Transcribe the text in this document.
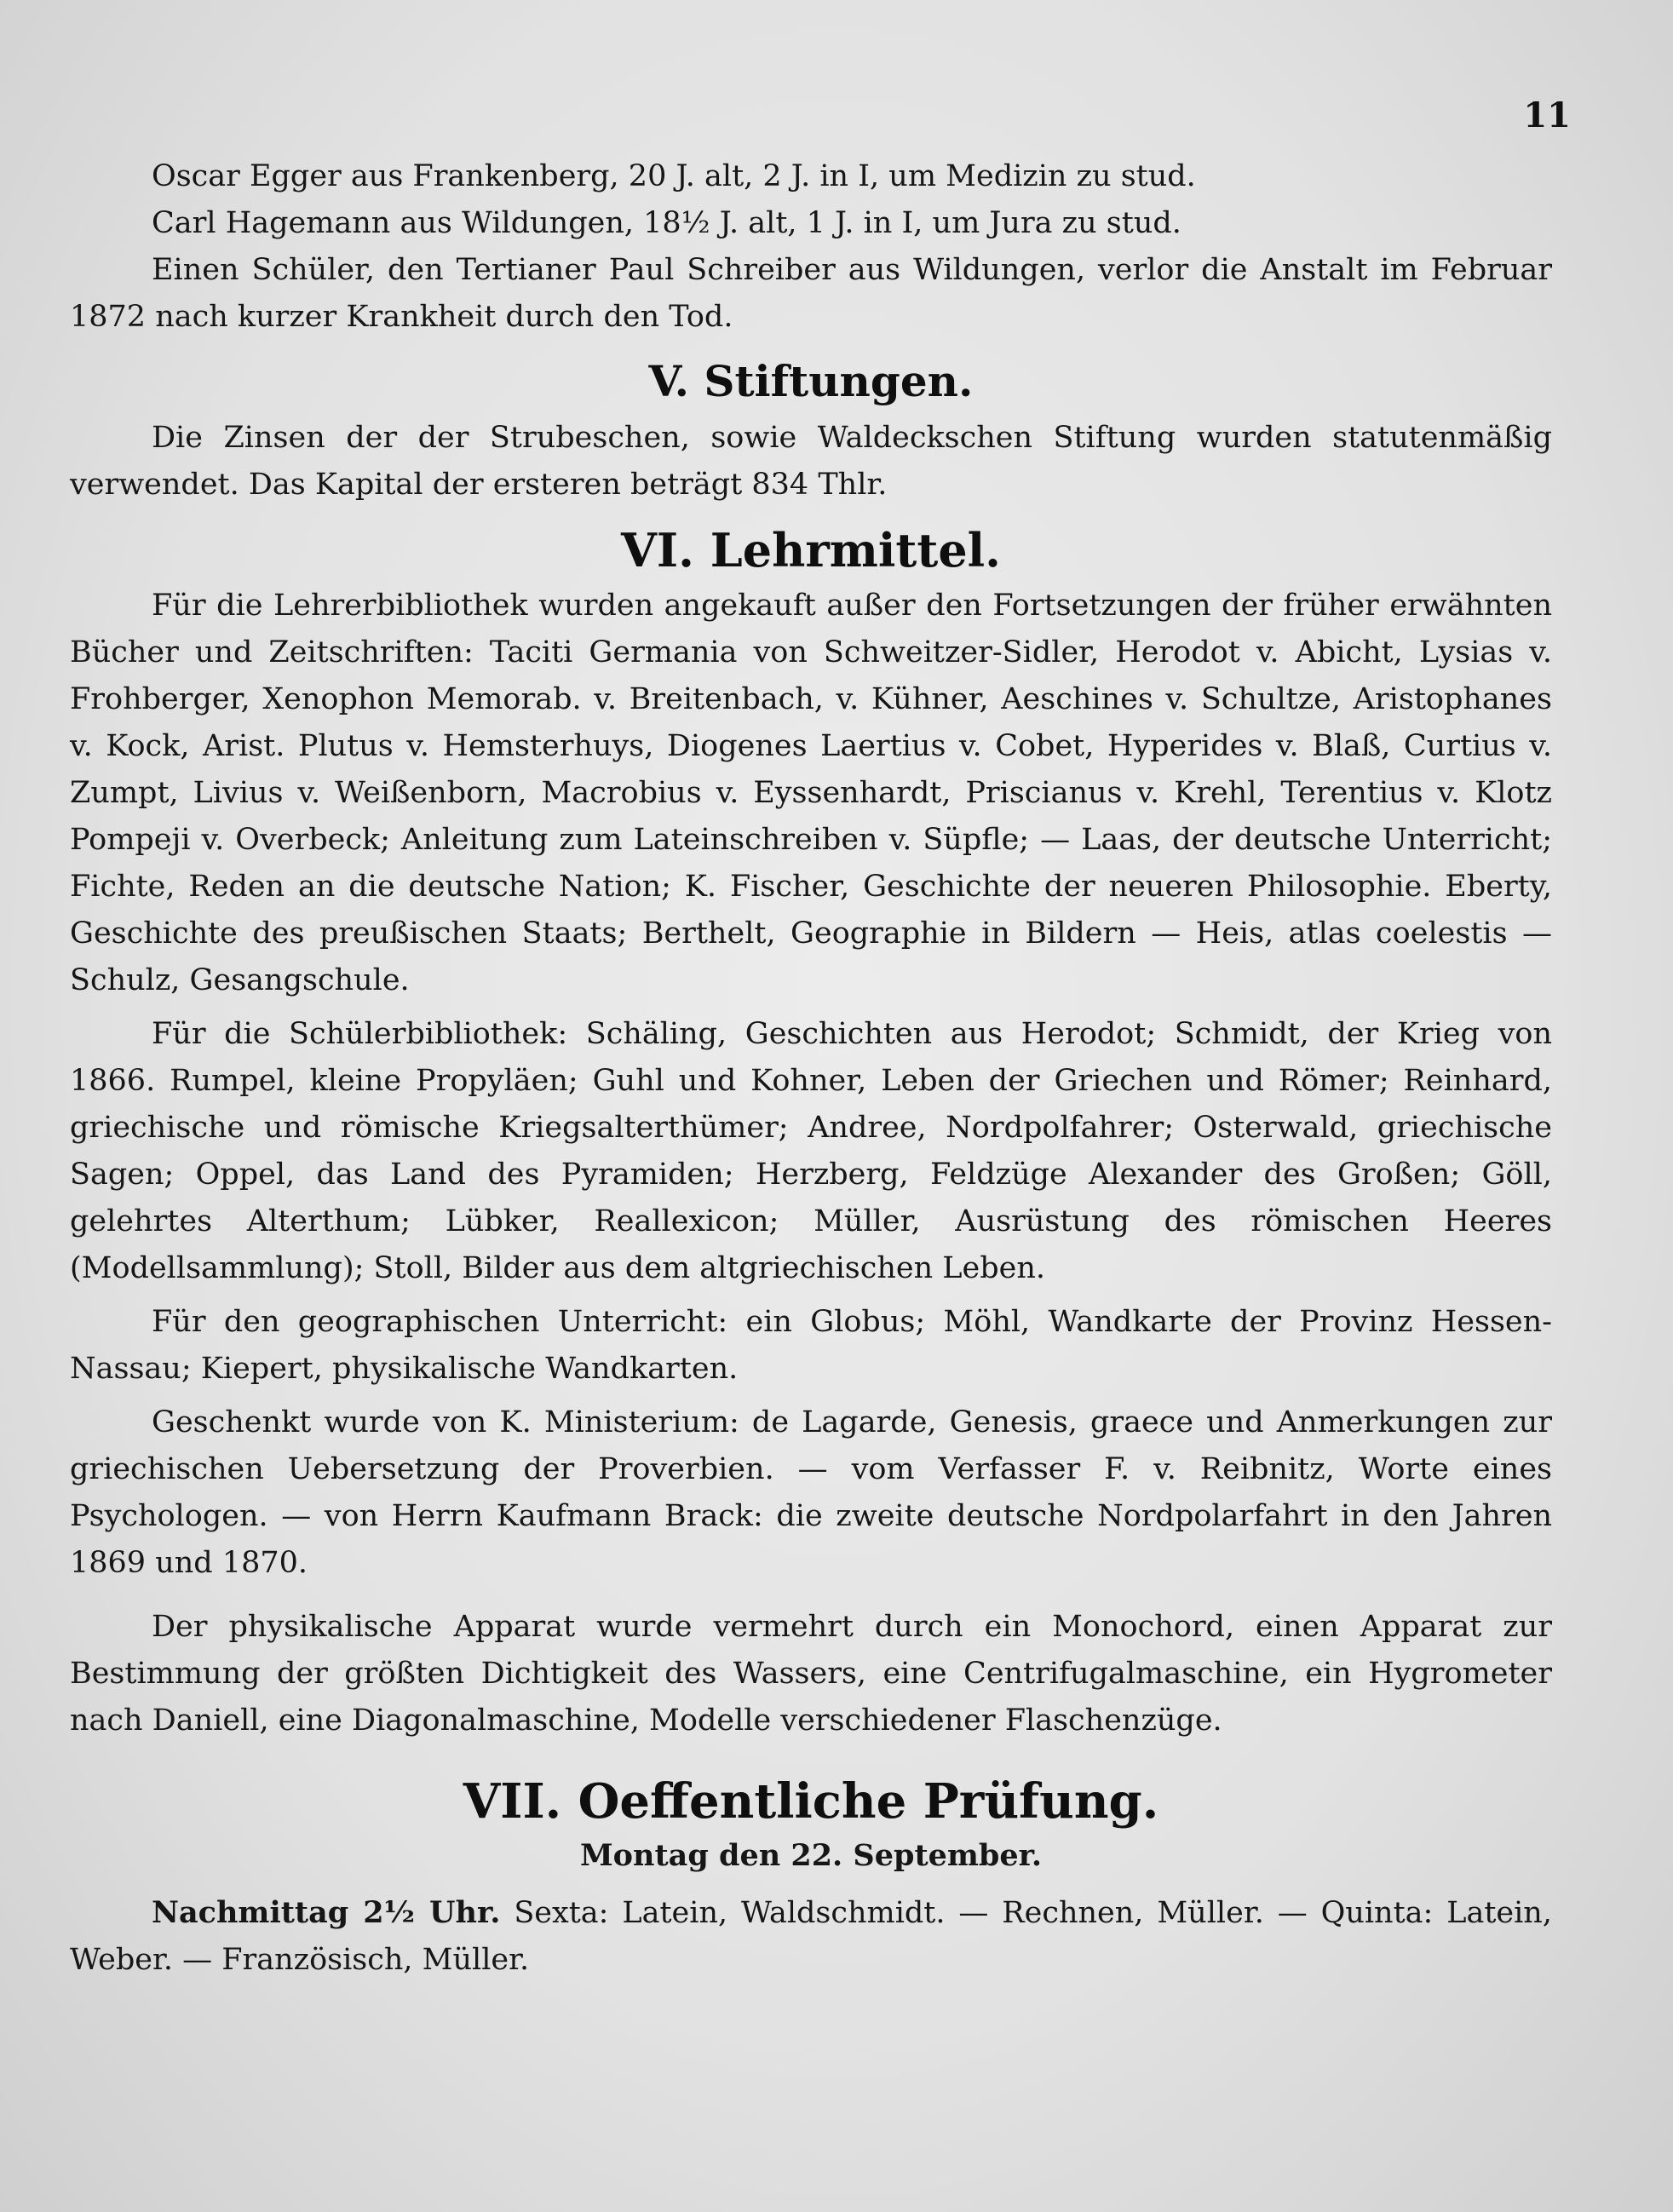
11

Oscar Egger aus Frankenberg, 20 J. alt, 2 J. in I, um Medizin zu stud.

Carl Hagemann aus Wildungen, 18½ J. alt, 1 J. in I, um Jura zu stud.

Einen Schüler, den Tertianer Paul Schreiber aus Wildungen, verlor die Anstalt im Februar 1872 nach kurzer Krankheit durch den Tod.

V. Stiftungen.

Die Zinsen der der Strubeschen, sowie Waldeckschen Stiftung wurden statutenmäßig verwendet. Das Kapital der ersteren beträgt 834 Thlr.

VI. Lehrmittel.

Für die Lehrerbibliothek wurden angekauft außer den Fortsetzungen der früher erwähnten Bücher und Zeitschriften: Taciti Germania von Schweitzer-Sidler, Herodot v. Abicht, Lysias v. Frohberger, Xenophon Memorab. v. Breitenbach, v. Kühner, Aeschines v. Schultze, Aristophanes v. Kock, Arist. Plutus v. Hemsterhuys, Diogenes Laertius v. Cobet, Hyperides v. Blaß, Curtius v. Zumpt, Livius v. Weißenborn, Macrobius v. Eyssenhardt, Priscianus v. Krehl, Terentius v. Klotz Pompeji v. Overbeck; Anleitung zum Lateinschreiben v. Süpfle; — Laas, der deutsche Unterricht; Fichte, Reden an die deutsche Nation; K. Fischer, Geschichte der neueren Philosophie. Eberty, Geschichte des preußischen Staats; Berthelt, Geographie in Bildern — Heis, atlas coelestis — Schulz, Gesangschule.

Für die Schülerbibliothek: Schäling, Geschichten aus Herodot; Schmidt, der Krieg von 1866. Rumpel, kleine Propyläen; Guhl und Kohner, Leben der Griechen und Römer; Reinhard, griechische und römische Kriegsalterthümer; Andree, Nordpolfahrer; Osterwald, griechische Sagen; Oppel, das Land des Pyramiden; Herzberg, Feldzüge Alexander des Großen; Göll, gelehrtes Alterthum; Lübker, Reallexicon; Müller, Ausrüstung des römischen Heeres (Modellsammlung); Stoll, Bilder aus dem altgriechischen Leben.

Für den geographischen Unterricht: ein Globus; Möhl, Wandkarte der Provinz Hessen-Nassau; Kiepert, physikalische Wandkarten.

Geschenkt wurde von K. Ministerium: de Lagarde, Genesis, graece und Anmerkungen zur griechischen Uebersetzung der Proverbien. — vom Verfasser F. v. Reibnitz, Worte eines Psychologen. — von Herrn Kaufmann Brack: die zweite deutsche Nordpolarfahrt in den Jahren 1869 und 1870.

Der physikalische Apparat wurde vermehrt durch ein Monochord, einen Apparat zur Bestimmung der größten Dichtigkeit des Wassers, eine Centrifugalmaschine, ein Hygrometer nach Daniell, eine Diagonalmaschine, Modelle verschiedener Flaschenzüge.

VII. Oeffentliche Prüfung.

Montag den 22. September.

Nachmittag 2½ Uhr. Sexta: Latein, Waldschmidt. — Rechnen, Müller. — Quinta: Latein, Weber. — Französisch, Müller.
